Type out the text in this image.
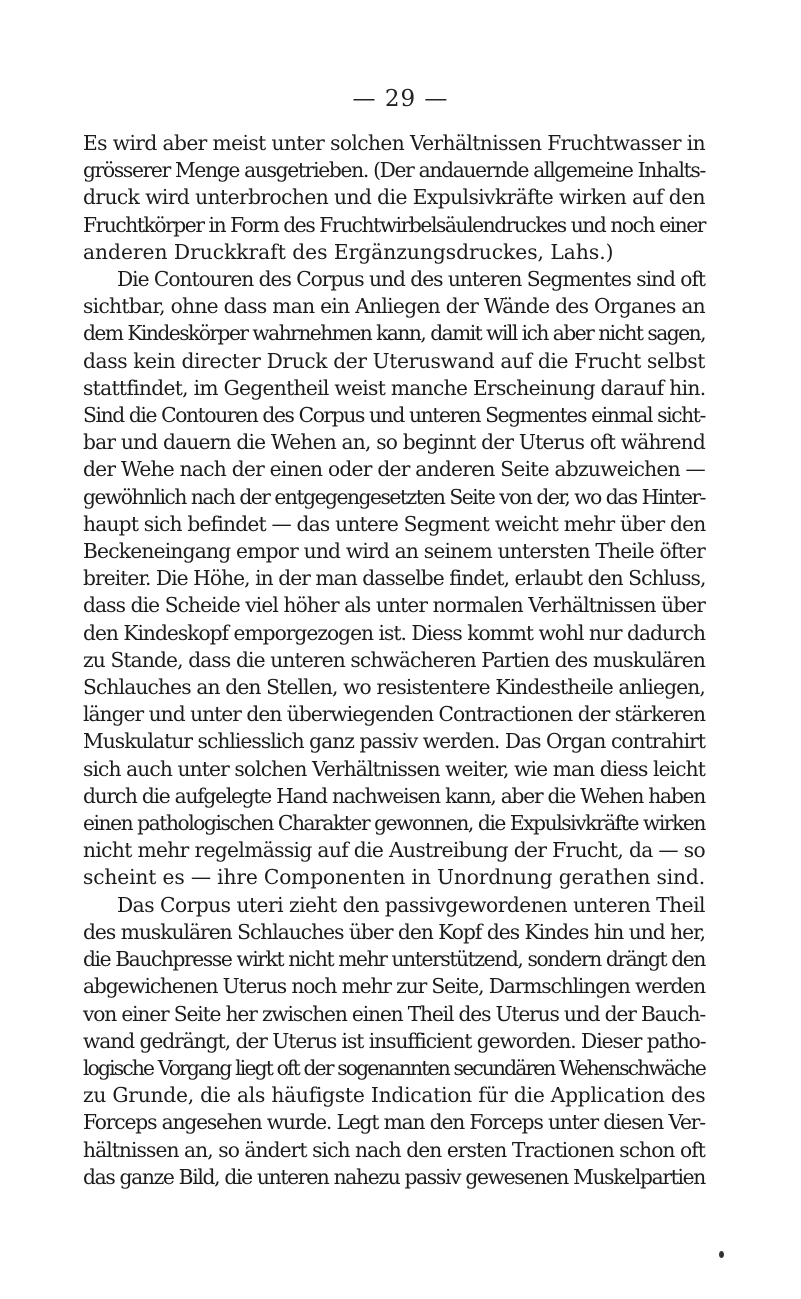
— 29 —
Es wird aber meist unter solchen Verhältnissen Fruchtwasser in
grösserer Menge ausgetrieben. (Der andauernde allgemeine Inhalts-
druck wird unterbrochen und die Expulsivkräfte wirken auf den
Fruchtkörper in Form des Fruchtwirbelsäulendruckes und noch einer
anderen Druckkraft des Ergänzungsdruckes, Lahs.)
Die Contouren des Corpus und des unteren Segmentes sind oft
sichtbar, ohne dass man ein Anliegen der Wände des Organes an
dem Kindeskörper wahrnehmen kann, damit will ich aber nicht sagen,
dass kein directer Druck der Uteruswand auf die Frucht selbst
stattfindet, im Gegentheil weist manche Erscheinung darauf hin.
Sind die Contouren des Corpus und unteren Segmentes einmal sicht-
bar und dauern die Wehen an, so beginnt der Uterus oft während
der Wehe nach der einen oder der anderen Seite abzuweichen —
gewöhnlich nach der entgegengesetzten Seite von der, wo das Hinter-
haupt sich befindet — das untere Segment weicht mehr über den
Beckeneingang empor und wird an seinem untersten Theile öfter
breiter. Die Höhe, in der man dasselbe findet, erlaubt den Schluss,
dass die Scheide viel höher als unter normalen Verhältnissen über
den Kindeskopf emporgezogen ist. Diess kommt wohl nur dadurch
zu Stande, dass die unteren schwächeren Partien des muskulären
Schlauches an den Stellen, wo resistentere Kindestheile anliegen,
länger und unter den überwiegenden Contractionen der stärkeren
Muskulatur schliesslich ganz passiv werden. Das Organ contrahirt
sich auch unter solchen Verhältnissen weiter, wie man diess leicht
durch die aufgelegte Hand nachweisen kann, aber die Wehen haben
einen pathologischen Charakter gewonnen, die Expulsivkräfte wirken
nicht mehr regelmässig auf die Austreibung der Frucht, da — so
scheint es — ihre Componenten in Unordnung gerathen sind.
Das Corpus uteri zieht den passivgewordenen unteren Theil
des muskulären Schlauches über den Kopf des Kindes hin und her,
die Bauchpresse wirkt nicht mehr unterstützend, sondern drängt den
abgewichenen Uterus noch mehr zur Seite, Darmschlingen werden
von einer Seite her zwischen einen Theil des Uterus und der Bauch-
wand gedrängt, der Uterus ist insufficient geworden. Dieser patho-
logische Vorgang liegt oft der sogenannten secundären Wehenschwäche
zu Grunde, die als häufigste Indication für die Application des
Forceps angesehen wurde. Legt man den Forceps unter diesen Ver-
hältnissen an, so ändert sich nach den ersten Tractionen schon oft
das ganze Bild, die unteren nahezu passiv gewesenen Muskelpartien
